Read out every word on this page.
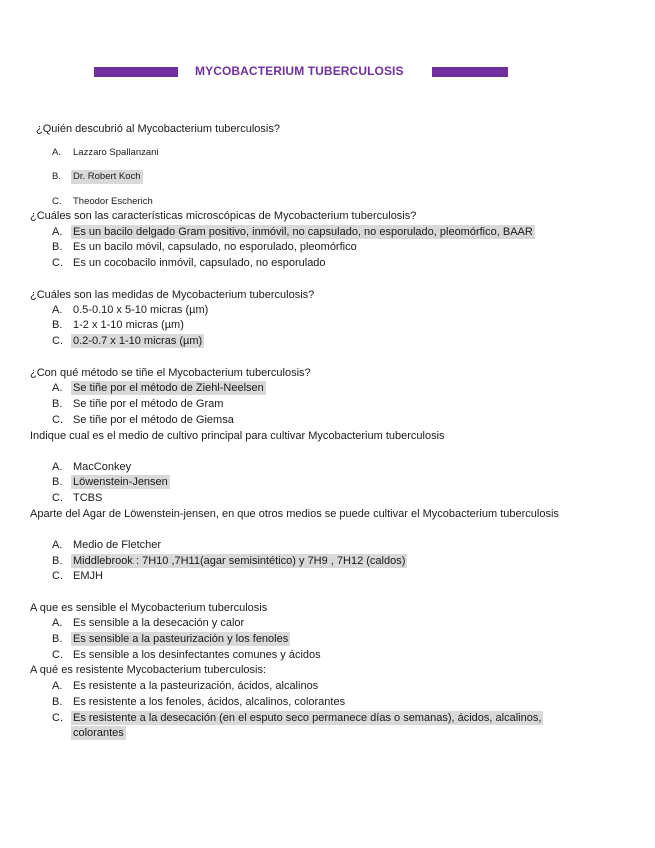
MYCOBACTERIUM TUBERCULOSIS
¿Quién descubrió al Mycobacterium tuberculosis?
A. Lazzaro Spallanzani
B. Dr. Robert Koch
C. Theodor Escherich
¿Cuáles son las características microscópicas de Mycobacterium tuberculosis?
A. Es un bacilo delgado Gram positivo, inmóvil, no capsulado, no esporulado, pleomórfico, BAAR
B. Es un bacilo móvil, capsulado, no esporulado, pleomórfico
C. Es un cocobacilo inmóvil, capsulado, no esporulado
¿Cuáles son las medidas de Mycobacterium tuberculosis?
A. 0.5-0.10 x 5-10 micras (µm)
B. 1-2 x 1-10 micras (µm)
C. 0.2-0.7 x 1-10 micras (µm)
¿Con qué método se tiñe el Mycobacterium tuberculosis?
A. Se tiñe por el método de Ziehl-Neelsen
B. Se tiñe por el método de Gram
C. Se tiñe por el método de Giemsa
Indique cual es el medio de cultivo principal para cultivar Mycobacterium tuberculosis
A. MacConkey
B. Löwenstein-Jensen
C. TCBS
Aparte del Agar de Löwenstein-jensen, en que otros medios se puede cultivar el Mycobacterium tuberculosis
A. Medio de Fletcher
B. Middlebrook : 7H10 ,7H11(agar semisintético) y 7H9 , 7H12 (caldos)
C. EMJH
A que es sensible el Mycobacterium tuberculosis
A. Es sensible a la desecación y calor
B. Es sensible a la pasteurización y los fenoles
C. Es sensible a los desinfectantes comunes y ácidos
A qué es resistente Mycobacterium tuberculosis:
A. Es resistente a la pasteurización, ácidos, alcalinos
B. Es resistente a los fenoles, ácidos, alcalinos, colorantes
C. Es resistente a la desecación (en el esputo seco permanece días o semanas), ácidos, alcalinos,
colorantes
